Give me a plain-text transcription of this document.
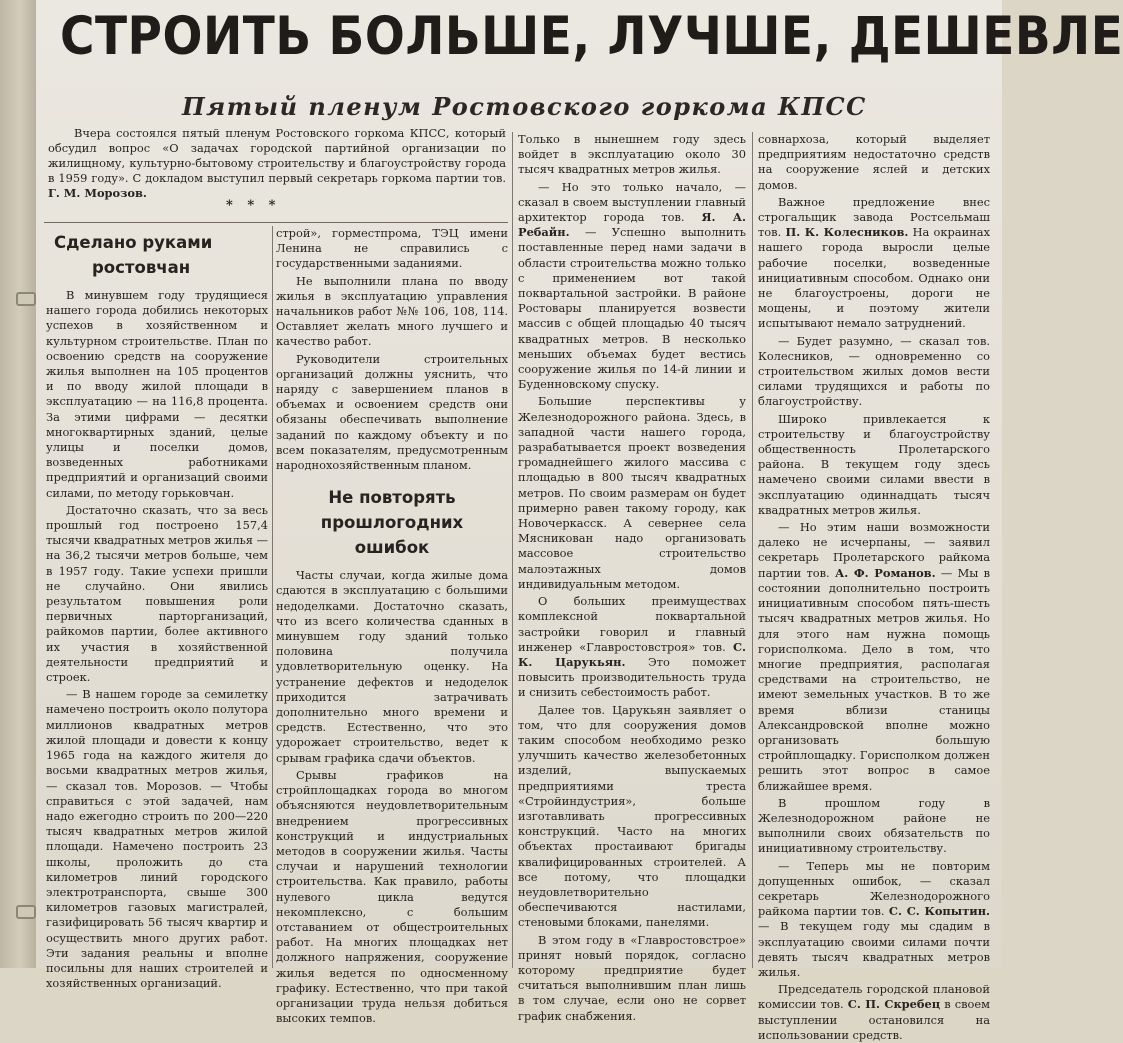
СТРОИТЬ БОЛЬШЕ, ЛУЧШЕ, ДЕШЕВЛЕ
Пятый пленум Ростовского горкома КПСС

Вчера состоялся пятый пленум Ростовского горкома КПСС, который обсудил вопрос «О задачах городской партийной организации по жилищному, культурно-бытовому строительству и благоустройству города в 1959 году». С докладом выступил первый секретарь горкома партии тов. Г. М. Морозов.

* * *
Сделано руками
ростовчан

В минувшем году трудящиеся нашего города добились некоторых успехов в хозяйственном и культурном строительстве. План по освоению средств на сооружение жилья выполнен на 105 процентов и по вводу жилой площади в эксплуатацию — на 116,8 процента. За этими цифрами — десятки многоквартирных зданий, целые улицы и поселки домов, возведенных работниками предприятий и организаций своими силами, по методу горьковчан.

Достаточно сказать, что за весь прошлый год построено 157,4 тысячи квадратных метров жилья — на 36,2 тысячи метров больше, чем в 1957 году. Такие успехи пришли не случайно. Они явились результатом повышения роли первичных парторганизаций, райкомов партии, более активного их участия в хозяйственной деятельности предприятий и строек.

— В нашем городе за семилетку намечено построить около полутора миллионов квадратных метров жилой площади и довести к концу 1965 года на каждого жителя до восьми квадратных метров жилья, — сказал тов. Морозов. — Чтобы справиться с этой задачей, нам надо ежегодно строить по 200—220 тысяч квадратных метров жилой площади. Намечено построить 23 школы, проложить до ста километров линий городского электротранспорта, свыше 300 километров газовых магистралей, газифицировать 56 тысяч квартир и осуществить много других работ. Эти задания реальны и вполне посильны для наших строителей и хозяйственных организаций.

строй», горместпрома, ТЭЦ имени Ленина не справились с государственными заданиями.

Не выполнили плана по вводу жилья в эксплуатацию управления начальников работ №№ 106, 108, 114. Оставляет желать много лучшего и качество работ.

Руководители строительных организаций должны уяснить, что наряду с завершением планов в объемах и освоением средств они обязаны обеспечивать выполнение заданий по каждому объекту и по всем показателям, предусмотренным народнохозяйственным планом.

Не повторять
прошлогодних
ошибок

Часты случаи, когда жилые дома сдаются в эксплуатацию с большими недоделками. Достаточно сказать, что из всего количества сданных в минувшем году зданий только половина получила удовлетворительную оценку. На устранение дефектов и недоделок приходится затрачивать дополнительно много времени и средств. Естественно, что это удорожает строительство, ведет к срывам графика сдачи объектов.

Срывы графиков на стройплощадках города во многом объясняются неудовлетворительным внедрением прогрессивных конструкций и индустриальных методов в сооружении жилья. Часты случаи и нарушений технологии строительства. Как правило, работы нулевого цикла ведутся некомплексно, с большим отставанием от общестроительных работ. На многих площадках нет должного напряжения, сооружение жилья ведется по односменному графику. Естественно, что при такой организации труда нельзя добиться высоких темпов.

Только в нынешнем году здесь войдет в эксплуатацию около 30 тысяч квадратных метров жилья.

— Но это только начало, — сказал в своем выступлении главный архитектор города тов. Я. А. Ребайн. — Успешно выполнить поставленные перед нами задачи в области строительства можно только с применением вот такой поквартальной застройки. В районе Ростовары планируется возвести массив с общей площадью 40 тысяч квадратных метров. В несколько меньших объемах будет вестись сооружение жилья по 14-й линии и Буденновскому спуску.

Большие перспективы у Железнодорожного района. Здесь, в западной части нашего города, разрабатывается проект возведения громаднейшего жилого массива с площадью в 800 тысяч квадратных метров. По своим размерам он будет примерно равен такому городу, как Новочеркасск. А севернее села Мясникован надо организовать массовое строительство малоэтажных домов индивидуальным методом.

О больших преимуществах комплексной поквартальной застройки говорил и главный инженер «Главростовстроя» тов. С. К. Царукьян. Это поможет повысить производительность труда и снизить себестоимость работ.

Далее тов. Царукьян заявляет о том, что для сооружения домов таким способом необходимо резко улучшить качество железобетонных изделий, выпускаемых предприятиями треста «Стройиндустрия», больше изготавливать прогрессивных конструкций. Часто на многих объектах простаивают бригады квалифицированных строителей. А все потому, что площадки неудовлетворительно обеспечиваются настилами, стеновыми блоками, панелями.

В этом году в «Главростовстрое» принят новый порядок, согласно которому предприятие будет считаться выполнившим план лишь в том случае, если оно не сорвет график снабжения.

совнархоза, который выделяет предприятиям недостаточно средств на сооружение яслей и детских домов.

Важное предложение внес строгальщик завода Ростсельмаш тов. П. К. Колесников. На окраинах нашего города выросли целые рабочие поселки, возведенные инициативным способом. Однако они не благоустроены, дороги не мощены, и поэтому жители испытывают немало затруднений.

— Будет разумно, — сказал тов. Колесников, — одновременно со строительством жилых домов вести силами трудящихся и работы по благоустройству.

Широко привлекается к строительству и благоустройству общественность Пролетарского района. В текущем году здесь намечено своими силами ввести в эксплуатацию одиннадцать тысяч квадратных метров жилья.

— Но этим наши возможности далеко не исчерпаны, — заявил секретарь Пролетарского райкома партии тов. А. Ф. Романов. — Мы в состоянии дополнительно построить инициативным способом пять-шесть тысяч квадратных метров жилья. Но для этого нам нужна помощь горисполкома. Дело в том, что многие предприятия, располагая средствами на строительство, не имеют земельных участков. В то же время вблизи станицы Александровской вполне можно организовать большую стройплощадку. Горисполком должен решить этот вопрос в самое ближайшее время.

В прошлом году в Железнодорожном районе не выполнили своих обязательств по инициативному строительству.

— Теперь мы не повторим допущенных ошибок, — сказал секретарь Железнодорожного райкома партии тов. С. С. Копытин. — В текущем году мы сдадим в эксплуатацию своими силами почти девять тысяч квадратных метров жилья.

Председатель городской плановой комиссии тов. С. П. Скребец в своем выступлении остановился на использовании средств.
